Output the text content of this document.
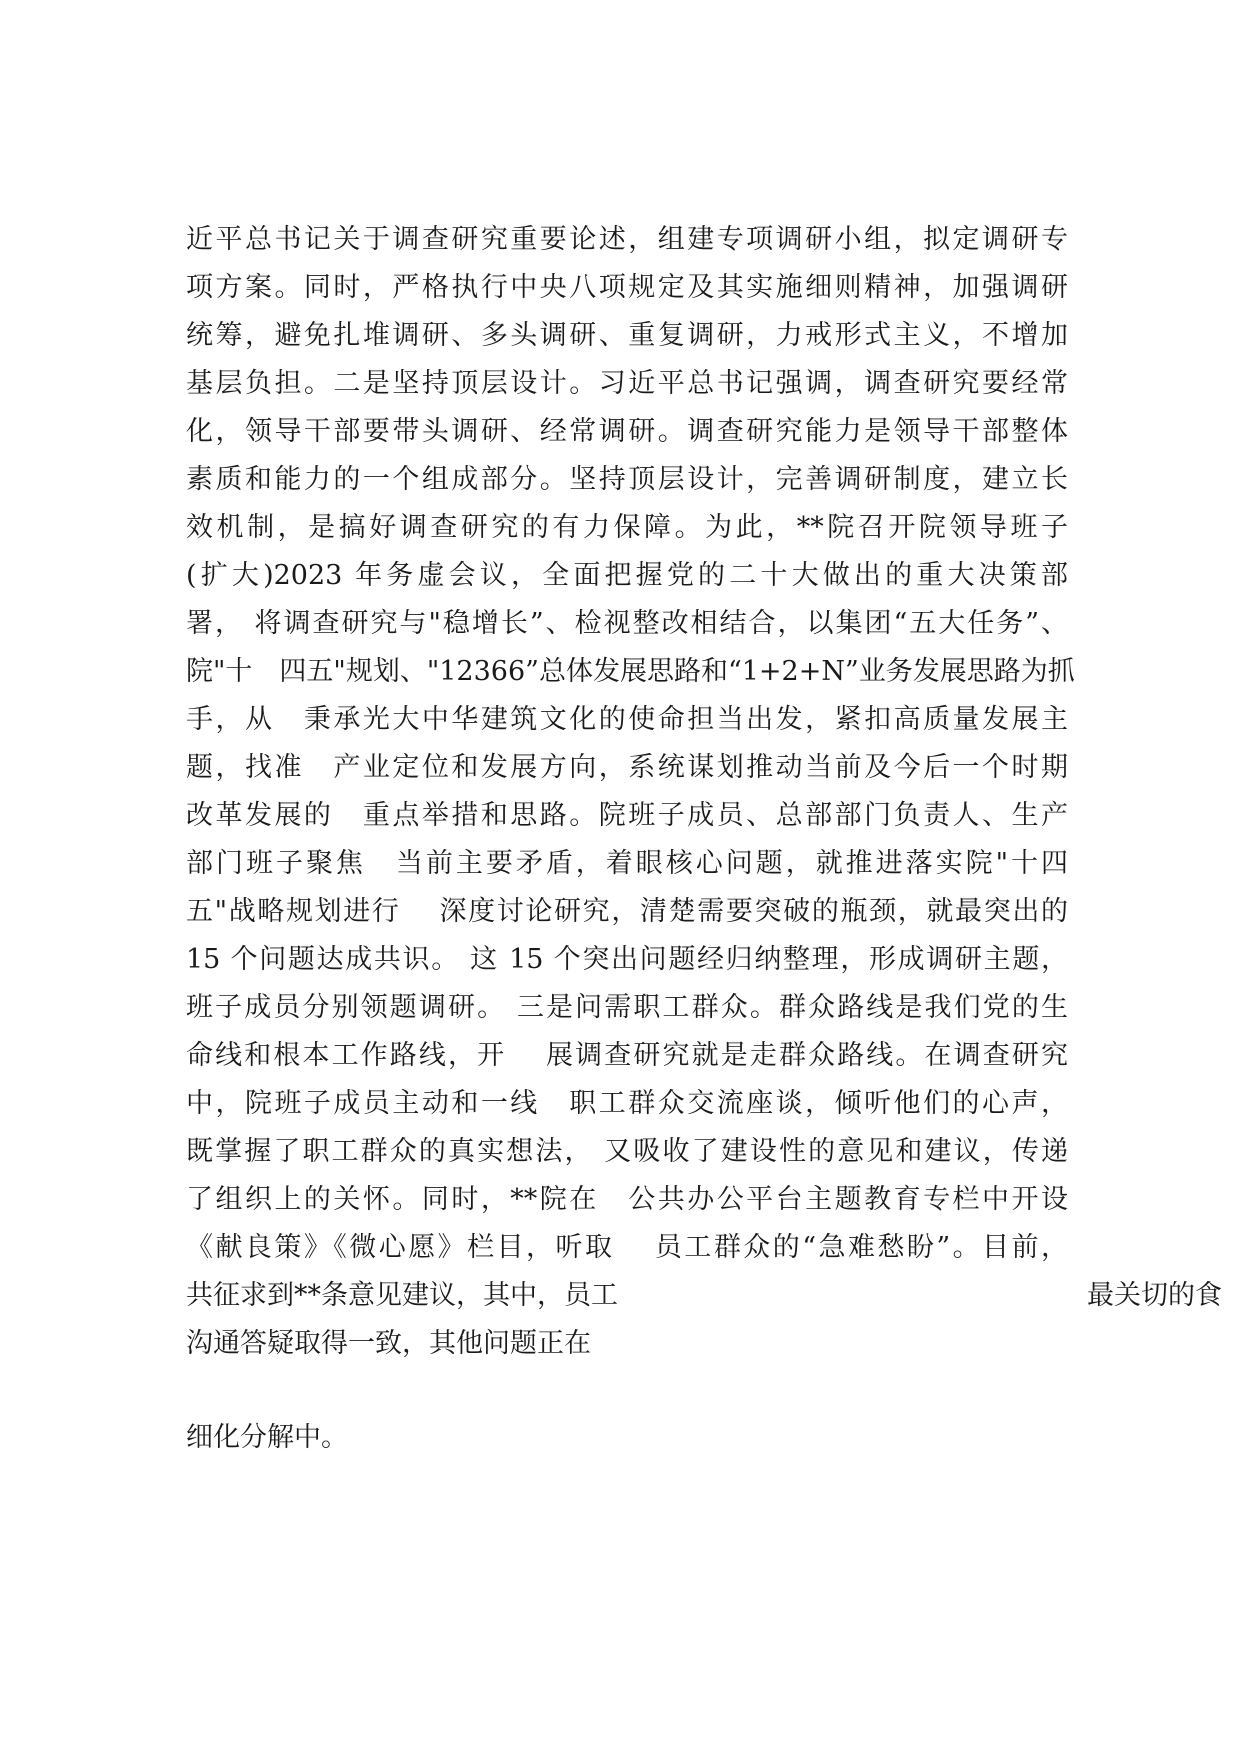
近平总书记关于调查研究重要论述，组建专项调研小组，拟定调研专
项方案。同时，严格执行中央八项规定及其实施细则精神，加强调研
统筹，避免扎堆调研、多头调研、重复调研，力戒形式主义，不增加
基层负担。二是坚持顶层设计。习近平总书记强调，调查研究要经常
化，领导干部要带头调研、经常调研。调查研究能力是领导干部整体
素质和能力的一个组成部分。坚持顶层设计，完善调研制度，建立长
效机制，是搞好调查研究的有力保障。为此，**院召开院领导班子
(扩大)2023 年务虚会议，全面把握党的二十大做出的重大决策部
署， 将调查研究与"稳增长”、检视整改相结合，以集团“五大任务”、
院"十　四五"规划、"12366”总体发展思路和“1+2+N”业务发展思路为抓
手，从　秉承光大中华建筑文化的使命担当出发，紧扣高质量发展主
题，找准　产业定位和发展方向，系统谋划推动当前及今后一个时期
改革发展的　重点举措和思路。院班子成员、总部部门负责人、生产
部门班子聚焦　当前主要矛盾，着眼核心问题，就推进落实院"十四
五"战略规划进行　 深度讨论研究，清楚需要突破的瓶颈，就最突出的
15 个问题达成共识。 这 15 个突出问题经归纳整理，形成调研主题，
班子成员分别领题调研。 三是问需职工群众。群众路线是我们党的生
命线和根本工作路线，开　 展调查研究就是走群众路线。在调查研究
中，院班子成员主动和一线　职工群众交流座谈，倾听他们的心声，
既掌握了职工群众的真实想法， 又吸收了建设性的意见和建议，传递
了组织上的关怀。同时，**院在　公共办公平台主题教育专栏中开设
《献良策》《微心愿》栏目，听取　 员工群众的“急难愁盼”。目前，
共征求到**条意见建议，其中，员工	最关切的食
沟通答疑取得一致，其他问题正在
细化分解中。
